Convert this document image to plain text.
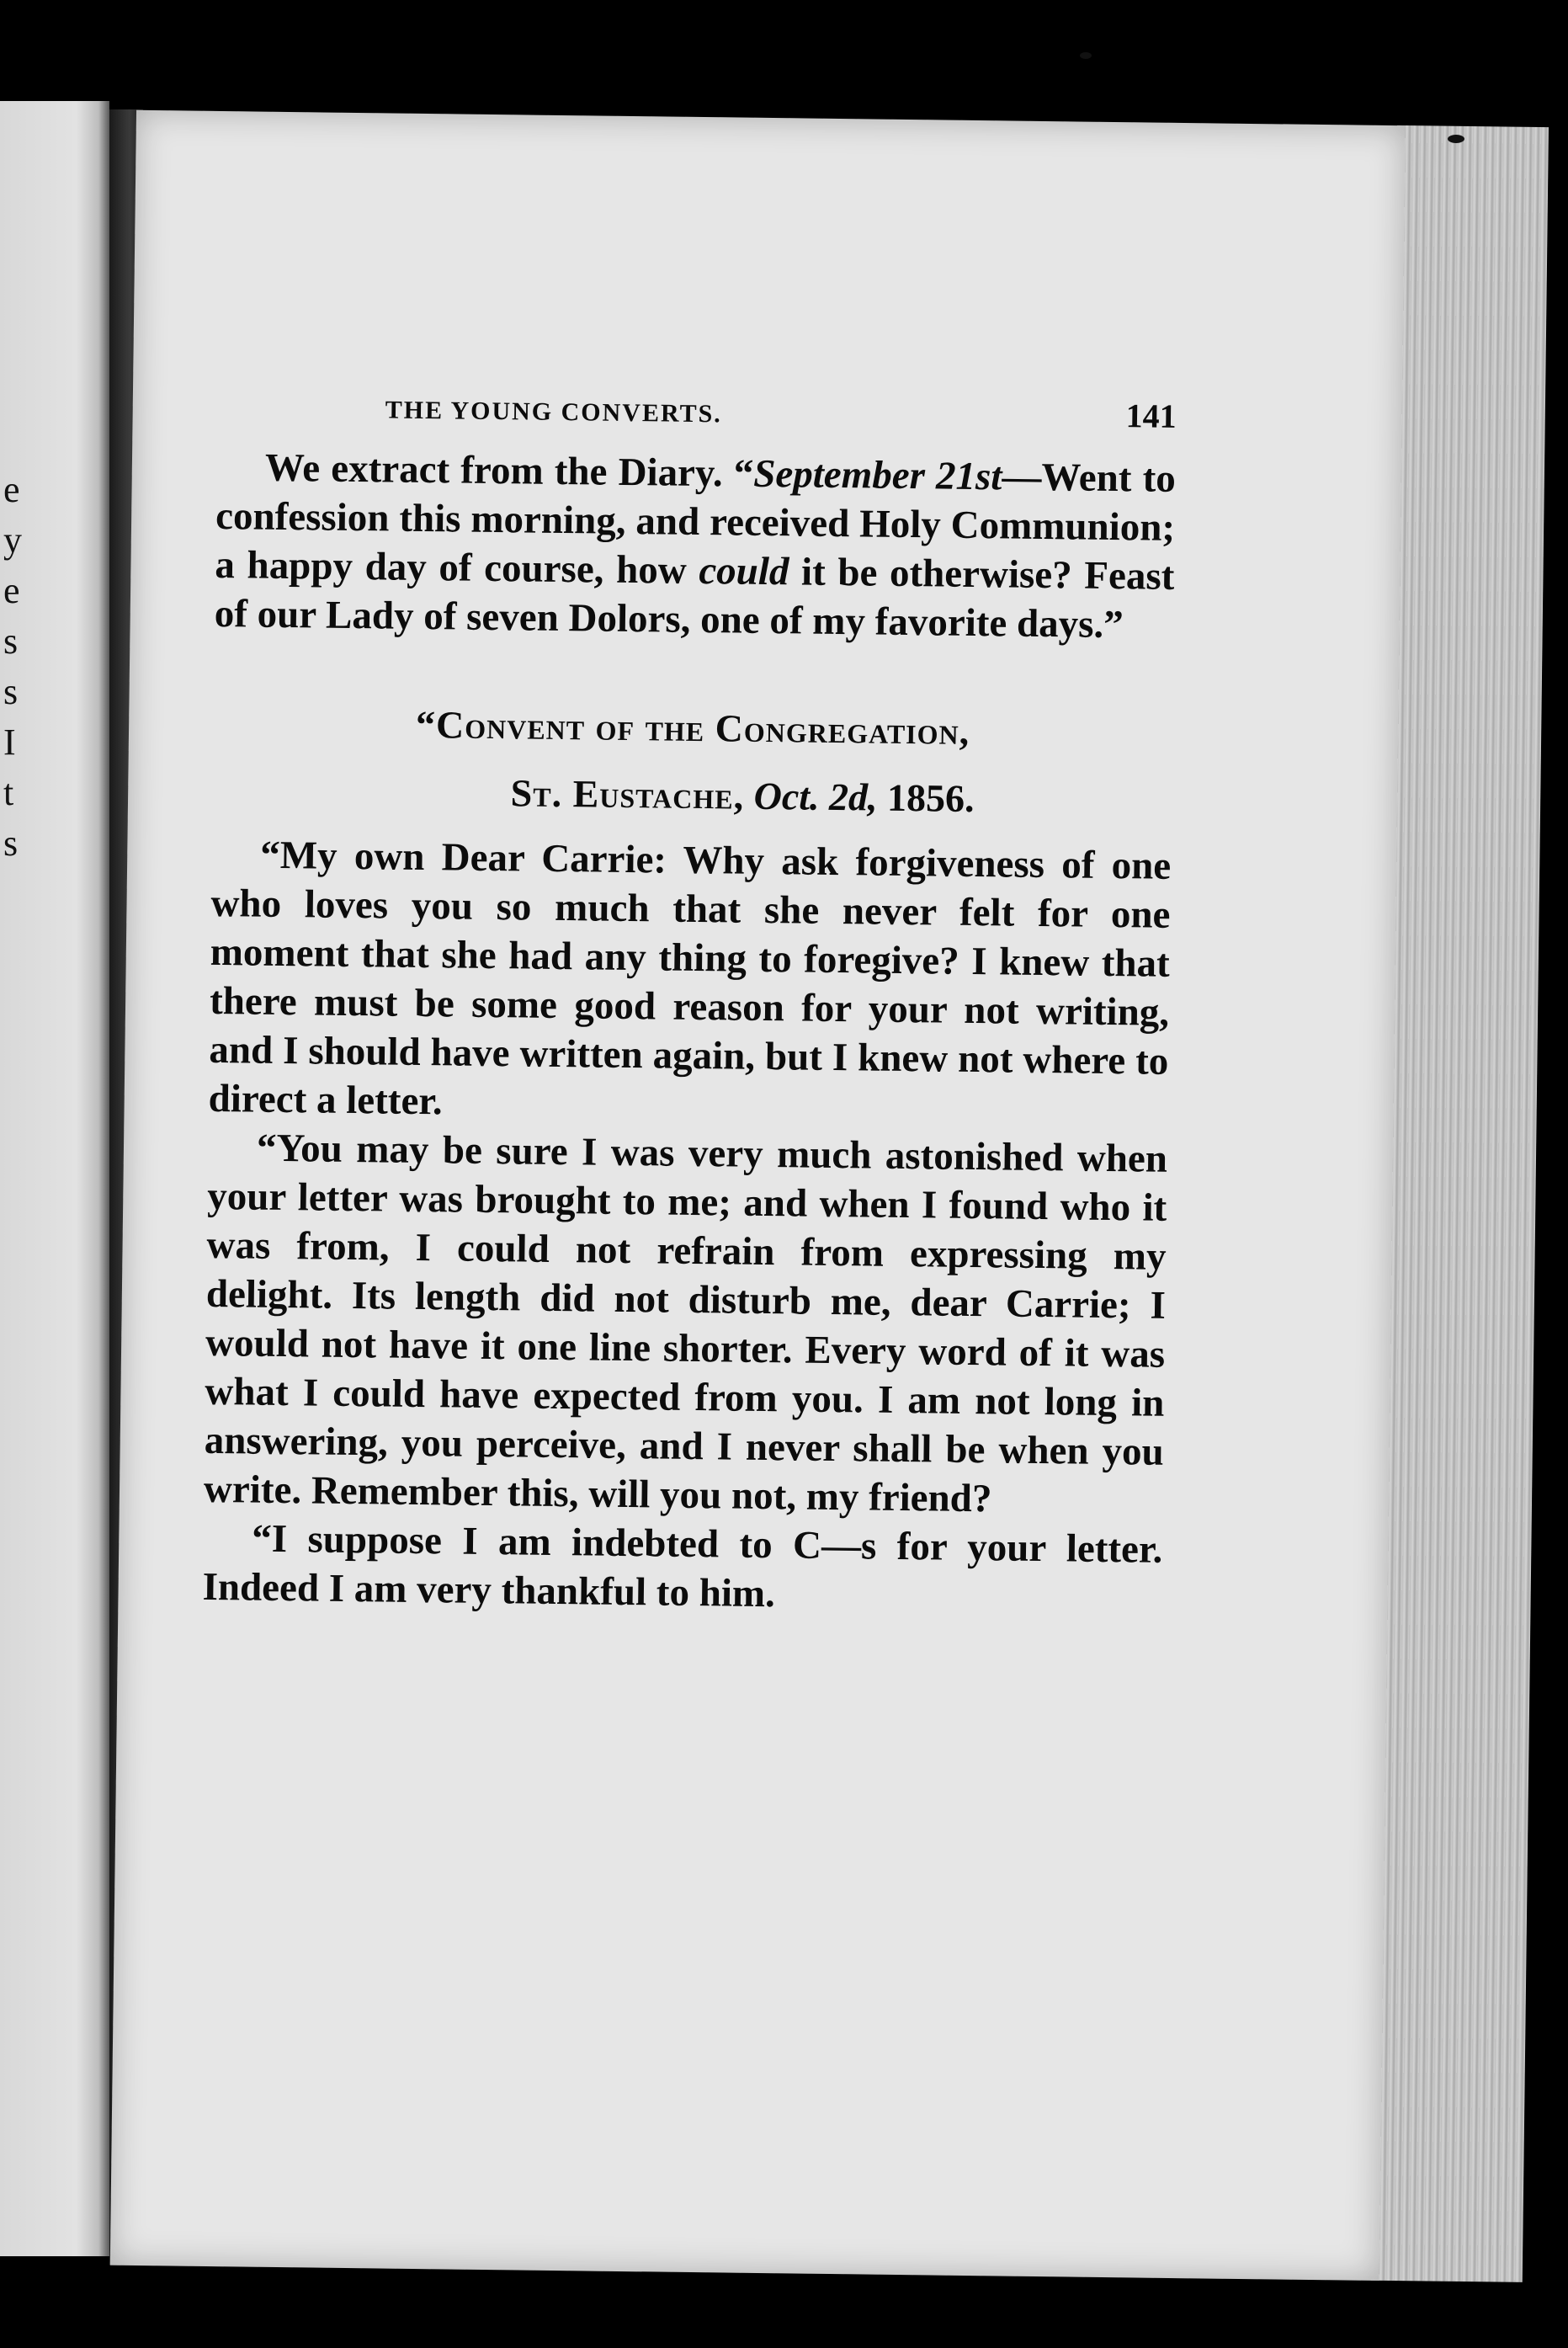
e
y
e
s
s
I
t
s
THE YOUNG CONVERTS.	141

We extract from the Diary. “September 21st—Went to confession this morning, and received Holy Communion; a happy day of course, how could it be otherwise? Feast of our Lady of seven Dolors, one of my favorite days.”

“Convent of the Congregation,
St. Eustache, Oct. 2d, 1856.

“My own Dear Carrie: Why ask forgiveness of one who loves you so much that she never felt for one moment that she had any thing to foregive? I knew that there must be some good reason for your not writing, and I should have written again, but I knew not where to direct a letter.

“You may be sure I was very much astonished when your letter was brought to me; and when I found who it was from, I could not refrain from expressing my delight. Its length did not disturb me, dear Carrie; I would not have it one line shorter. Every word of it was what I could have expected from you. I am not long in answering, you perceive, and I never shall be when you write. Remember this, will you not, my friend?

“I suppose I am indebted to C—s for your letter. Indeed I am very thankful to him.
